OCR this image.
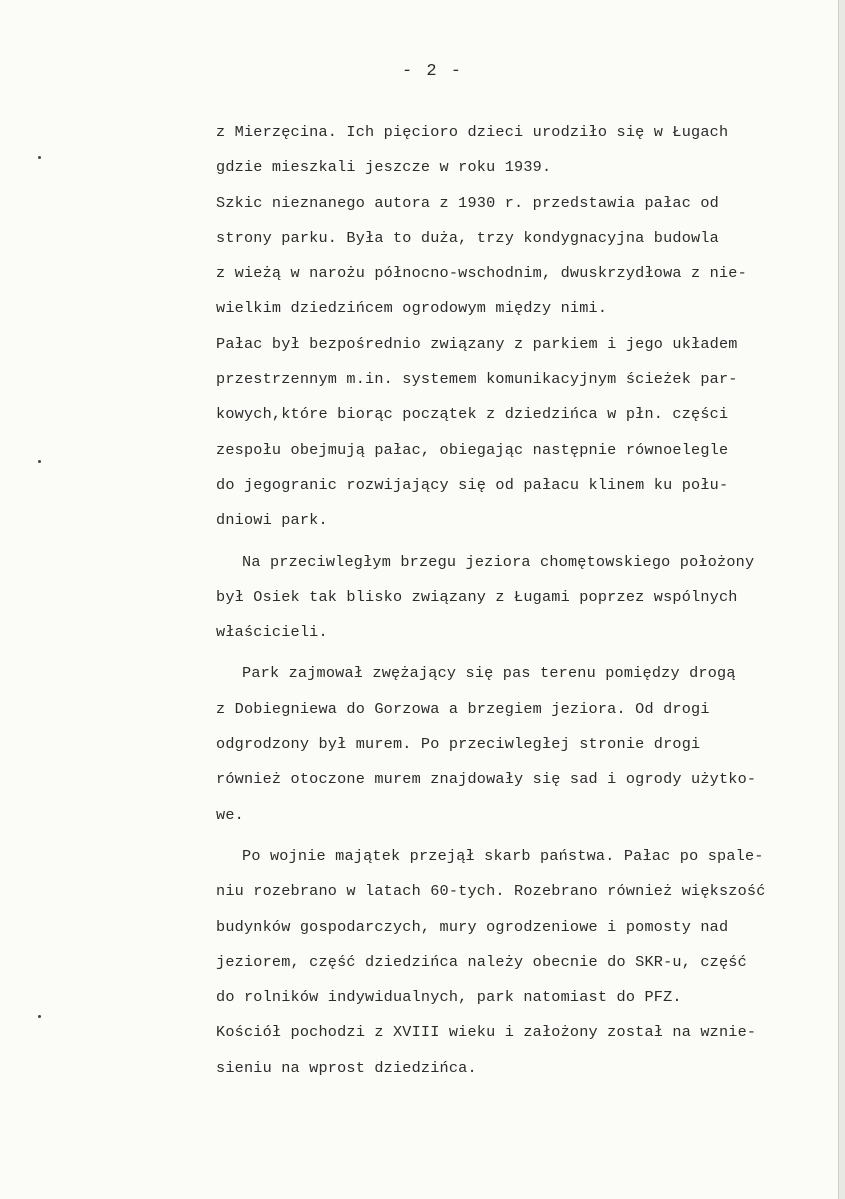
- 2 -
z Mierzęcina. Ich pięcioro dzieci urodziło się w Ługach
gdzie mieszkali jeszcze w roku 1939.
Szkic nieznanego autora z 1930 r. przedstawia pałac od
strony parku. Była to duża, trzy kondygnacyjna budowla
z wieżą w narożu północno-wschodnim, dwuskrzydłowa z nie-
wielkim dziedzińcem ogrodowym między nimi.
Pałac był bezpośrednio związany z parkiem i jego układem
przestrzennym m.in. systemem komunikacyjnym ścieżek par-
kowych,które biorąc początek z dziedzińca w płn. części
zespołu obejmują pałac, obiegając następnie równoelegle
do jegogranic rozwijający się od pałacu klinem ku połu-
dniowi park.
Na przeciwległym brzegu jeziora chomętowskiego położony
był Osiek tak blisko związany z Ługami poprzez wspólnych
właścicieli.
Park zajmował zwężający się pas terenu pomiędzy drogą
z Dobiegniewa do Gorzowa a brzegiem jeziora. Od drogi
odgrodzony był murem. Po przeciwległej stronie drogi
również otoczone murem znajdowały się sad i ogrody użytko-
we.
Po wojnie majątek przejął skarb państwa. Pałac po spale-
niu rozebrano w latach 60-tych. Rozebrano również większość
budynków gospodarczych, mury ogrodzeniowe i pomosty nad
jeziorem, część dziedzińca należy obecnie do SKR-u, część
do rolników indywidualnych, park natomiast do PFZ.
Kościół pochodzi z XVIII wieku i założony został na wznie-
sieniu na wprost dziedzińca.
